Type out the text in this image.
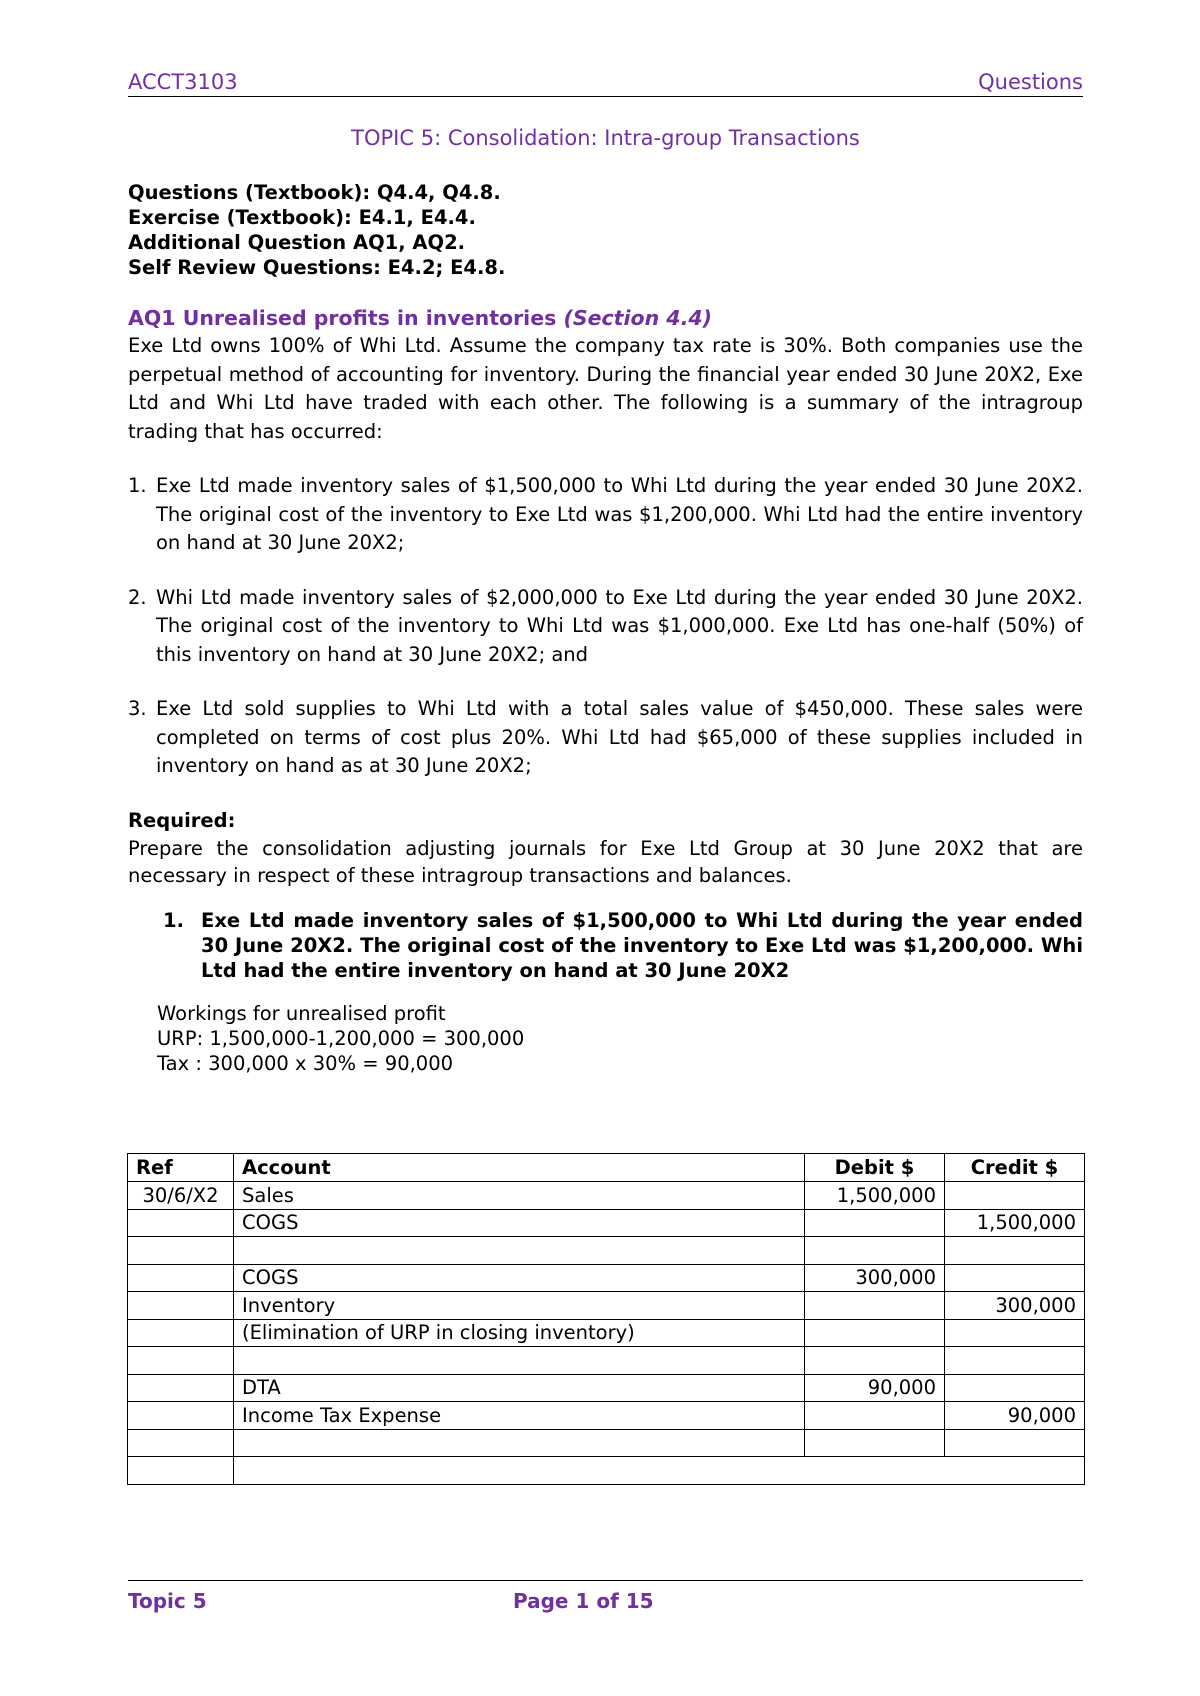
ACCT3103	Questions
TOPIC 5: Consolidation: Intra-group Transactions
Questions (Textbook): Q4.4, Q4.8.
Exercise (Textbook): E4.1, E4.4.
Additional Question AQ1, AQ2.
Self Review Questions: E4.2; E4.8.

AQ1 Unrealised profits in inventories (Section 4.4)

Exe Ltd owns 100% of Whi Ltd. Assume the company tax rate is 30%. Both companies use the perpetual method of accounting for inventory. During the financial year ended 30 June 20X2, Exe Ltd and Whi Ltd have traded with each other. The following is a summary of the intragroup trading that has occurred:

1. Exe Ltd made inventory sales of $1,500,000 to Whi Ltd during the year ended 30 June 20X2. The original cost of the inventory to Exe Ltd was $1,200,000. Whi Ltd had the entire inventory on hand at 30 June 20X2;
2. Whi Ltd made inventory sales of $2,000,000 to Exe Ltd during the year ended 30 June 20X2. The original cost of the inventory to Whi Ltd was $1,000,000. Exe Ltd has one-half (50%) of this inventory on hand at 30 June 20X2; and
3. Exe Ltd sold supplies to Whi Ltd with a total sales value of $450,000. These sales were completed on terms of cost plus 20%. Whi Ltd had $65,000 of these supplies included in inventory on hand as at 30 June 20X2;

Required:

Prepare the consolidation adjusting journals for Exe Ltd Group at 30 June 20X2 that are necessary in respect of these intragroup transactions and balances.

1. Exe Ltd made inventory sales of $1,500,000 to Whi Ltd during the year ended 30 June 20X2. The original cost of the inventory to Exe Ltd was $1,200,000. Whi Ltd had the entire inventory on hand at 30 June 20X2
Workings for unrealised profit
URP: 1,500,000-1,200,000 = 300,000
Tax : 300,000 x 30% = 90,000
Ref	Account	Debit $	Credit $
30/6/X2	Sales	1,500,000	
	COGS		1,500,000

	COGS	300,000	
	Inventory		300,000
	(Elimination of URP in closing inventory)		

	DTA	90,000	
	Income Tax Expense		90,000

Topic 5	Page 1 of 15
